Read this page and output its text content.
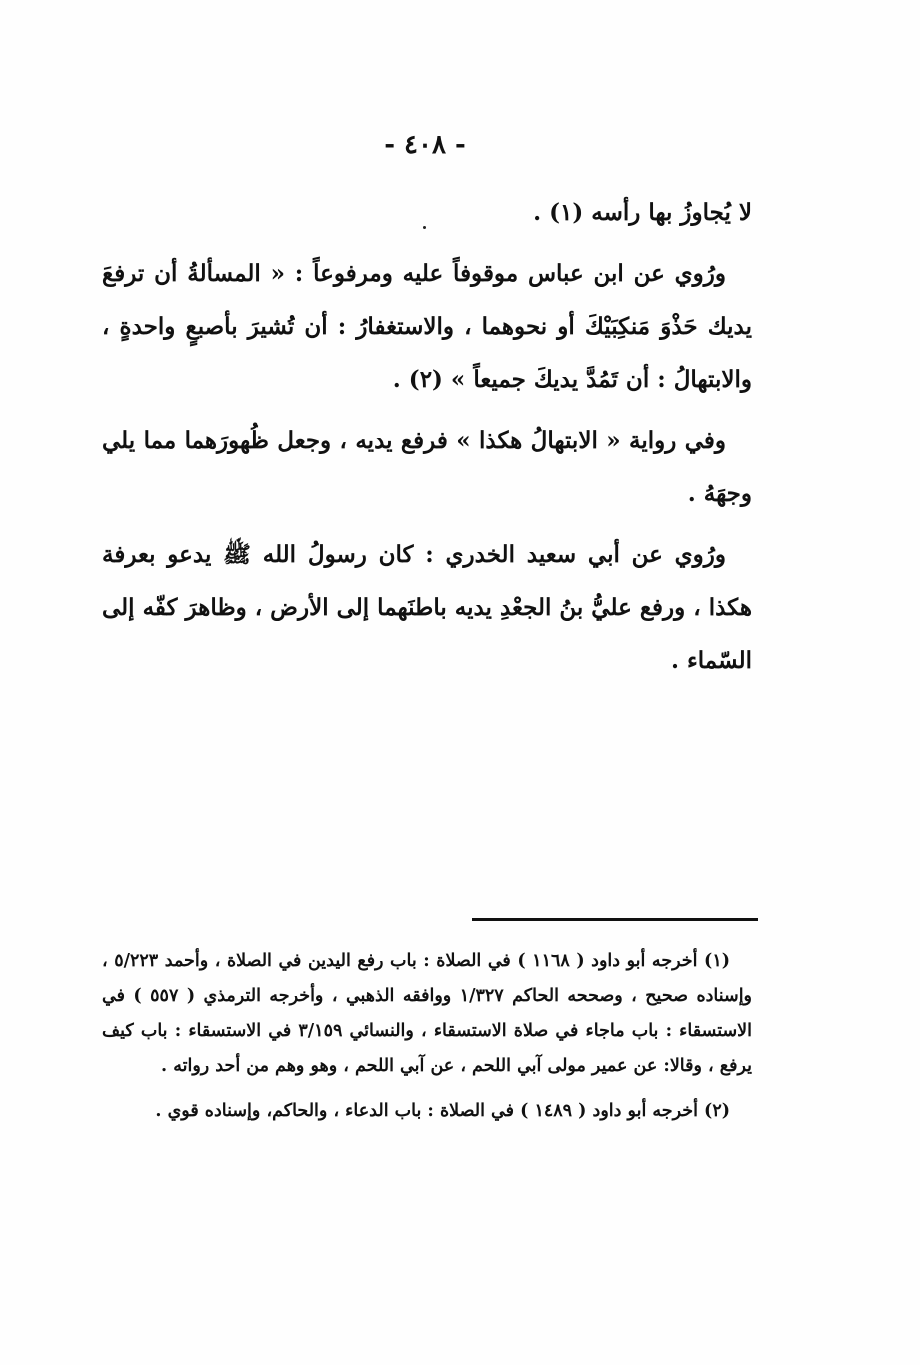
- ٤٠٨ -

لا يُجاوزُ بها رأسه (١) .

ورُوي عن ابن عباس موقوفاً عليه ومرفوعاً : « المسألةُ أن ترفعَ يديك حَذْوَ مَنكِبَيْكَ أو نحوهما ، والاستغفارُ : أن تُشيرَ بأصبعٍ واحدةٍ ، والابتهالُ : أن تَمُدَّ يديكَ جميعاً » (٢) .

وفي رواية « الابتهالُ هكذا » فرفع يديه ، وجعل ظُهورَهما مما يلي وجهَهُ .

ورُوي عن أبي سعيد الخدري : كان رسولُ الله ﷺ يدعو بعرفة هكذا ، ورفع عليُّ بنُ الجعْدِ يديه باطنَهما إلى الأرض ، وظاهرَ كفّه إلى السّماء .

(١) أخرجه أبو داود ( ١١٦٨ ) في الصلاة : باب رفع اليدين في الصلاة ، وأحمد ٥/٢٢٣ ، وإسناده صحيح ، وصححه الحاكم ١/٣٢٧ ووافقه الذهبي ، وأخرجه الترمذي ( ٥٥٧ ) في الاستسقاء : باب ماجاء في صلاة الاستسقاء ، والنسائي ٣/١٥٩ في الاستسقاء : باب كيف يرفع ، وقالا: عن عمير مولى آبي اللحم ، عن آبي اللحم ، وهو وهم من أحد رواته .

(٢) أخرجه أبو داود ( ١٤٨٩ ) في الصلاة : باب الدعاء ، والحاكم، وإسناده قوي .
